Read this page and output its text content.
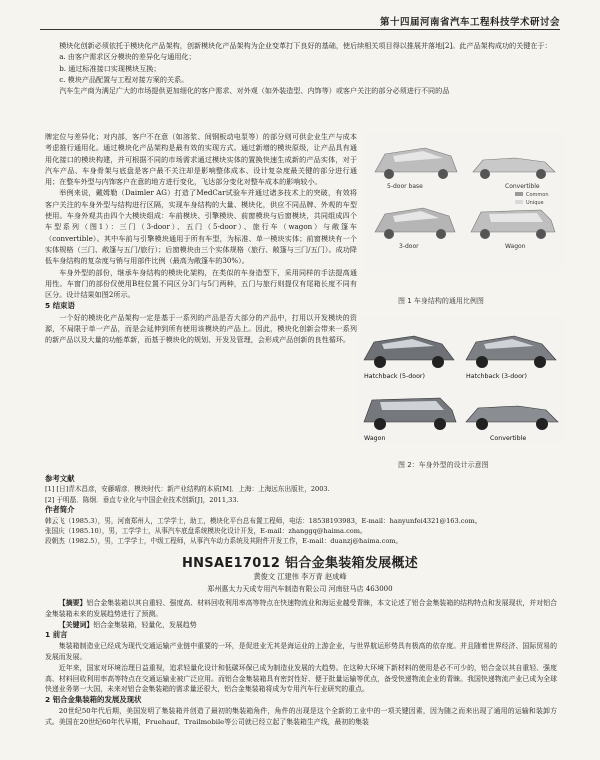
第十四届河南省汽车工程科技学术研讨会

模块化创新必须依托于模块化产品架构，创新模块化产品架构为企业变革打下良好的基础，使后续相关项目得以推展并落地[2]。此产品架构成功的关键在于：

a. 由客户需求区分模块的差异化与通用化；

b. 通过标准接口实现模块互换；

c. 模块产品配置与工程对接方案的关系。

汽车生产商为满足广大的市场提供更加细化的客户需求、对外观（如外装造型、内饰等）或客户关注的部分必须进行不同的品

牌定位与差异化；对内部，客户不在意（如溶浆、间钢板动电泵等）的部分则可供企业生产与成本考虑推行通用化。通过模块化产品架构是最有效的实现方式。通过新增的模块原级，让产品具有通用化接口的模块构建，并可根据不同的市场需求通过模块实体的置换快速生成新的产品实体，对于汽车产品、车身骨架与底盘是客户最不关注却是影响整体成本、设计复杂度最关键的部分进行通用；在整车外型与内饰客户在意的地方进行变化，飞达部分变化对整车成本的影响较小。

举例来说，戴姆勒（Daimler AG）打造了MedCar试验车并通过诸多技术上的突破，有效将客户关注的车身外型与结构进行区隔，实现车身结构的大量、模块化，供应不同品牌、外观的车型使用。车身外观共由四个大模块组成：车前模块、引擎模块、前窗模块与后窗模块，共同组成四个车型系列（图1）：三门（3-door）、五门（5-door）、旅行车（wagon）与敞篷车（convertible）。其中车前与引擎模块通用于所有车型，为标准、单一模块实体；前窗模块有一个实体规格（三门、敞篷与五门/旅行）；后窗模块由三个实体规格（旅行、敞篷与三门/五门）。成功降低车身结构的复杂度与销与用部件比例（最高为敞篷车的30%）。

车身外型的部份，继承车身结构的模块化架构，在类似的车身造型下，采用同样的手法提高通用性。车窗门的部份仅使用B柱位置不同区分3门与5门两种，五门与旅行则提仅有尾箱长度不同有区分。设计结果如图2所示。

5 结束语

一个好的模块化产品架构一定是基于一系列的产品是否大部分的产品中，打用以开发模块的资源，不局限于单一产品，而是会延伸到所有使用该模块的产品上。因此，模块化创新会带来一系列的新产品以及大量的功能革新，而基于模块化的规划、开发及管理，会形成产品创新的良性循环。

参考文献

[1] [日]青木昌彦，安藤晴彦．模块时代：新产业结构的本质[M]．上海：上海远东出版社，2003.

[2] 于明磊．陈炯．垂直专业化与中国企业技术创新[J]，2011,33.

作者简介

韩云飞（1985.3），男，河南郑州人，工学学士，助工，模块化平台总布置工程师，电话：18538193983，E-mail：hanyunfei4321@163.com。

张国庆（1985.10），男，工学学士，从事汽车底盘系统模块化设计开发，E-mail：zhanggq@haima.com。

段朝杰（1982.5），男，工学学士，中级工程师，从事汽车动力系统及其附件开发工作，E-mail：duanzj@haima.com。

5-door base	Convertible
3-door	Wagon
Common
Unique
图 1 车身结构的通用比例图
Hatchback (5-door)	Hatchback (3-door)
Wagon	Convertible
图 2：车身外型的设计示意图
HNSAE17012 铝合金集装箱发展概述
黄俊文 江建伟 李万青 赵成峰
郑州惠太力天成专用汽车制造有限公司 河南驻马店 463000

【摘要】铝合金集装箱以其自重轻、强度高、材料回收利用率高等特点在快速物流业和海运业越受青睐，本文论述了铝合金集装箱的结构特点和发展现状，并对铝合金集装箱未来的发展趋势进行了预测。

【关键词】铝合金集装箱，轻量化，发展趋势

1 前言

集装箱制造业已经成为现代交通运输产业链中重要的一环，是促进业无其是海运业的上游企业，与世界航运形势具有极高的依存度。并且随着世界经济、国际贸易的发展而发展。

近年来，国家对环境治理日益重视，追求轻量化设计和低碳环保已成为制造业发展的大趋势。在这种大环境下新材料的使用是必不可少的，铝合金以其自重轻、强度高、材料回收利用率高等特点在交通运输业被广泛应用。而铝合金集装箱具有密封性好、便于批量运输等优点，备受快递物流企业的青睐。我国快递物流产业已成为全球快递业务第一大国，未来对铝合金集装箱的需求量还很大，铝合金集装箱将成为专用汽车行业研究的重点。

2 铝合金集装箱的发展及现状

20世纪50年代后期，美国发明了集装箱并创造了最初的集装箱角件，角件的出现是这个全新的工业中的一项关键因素，因为随之而来出现了通用的运输和装卸方式。美国在20世纪60年代早期，Fruehauf、Trailmobile等公司就已经立起了集装箱生产线，最初的集装
